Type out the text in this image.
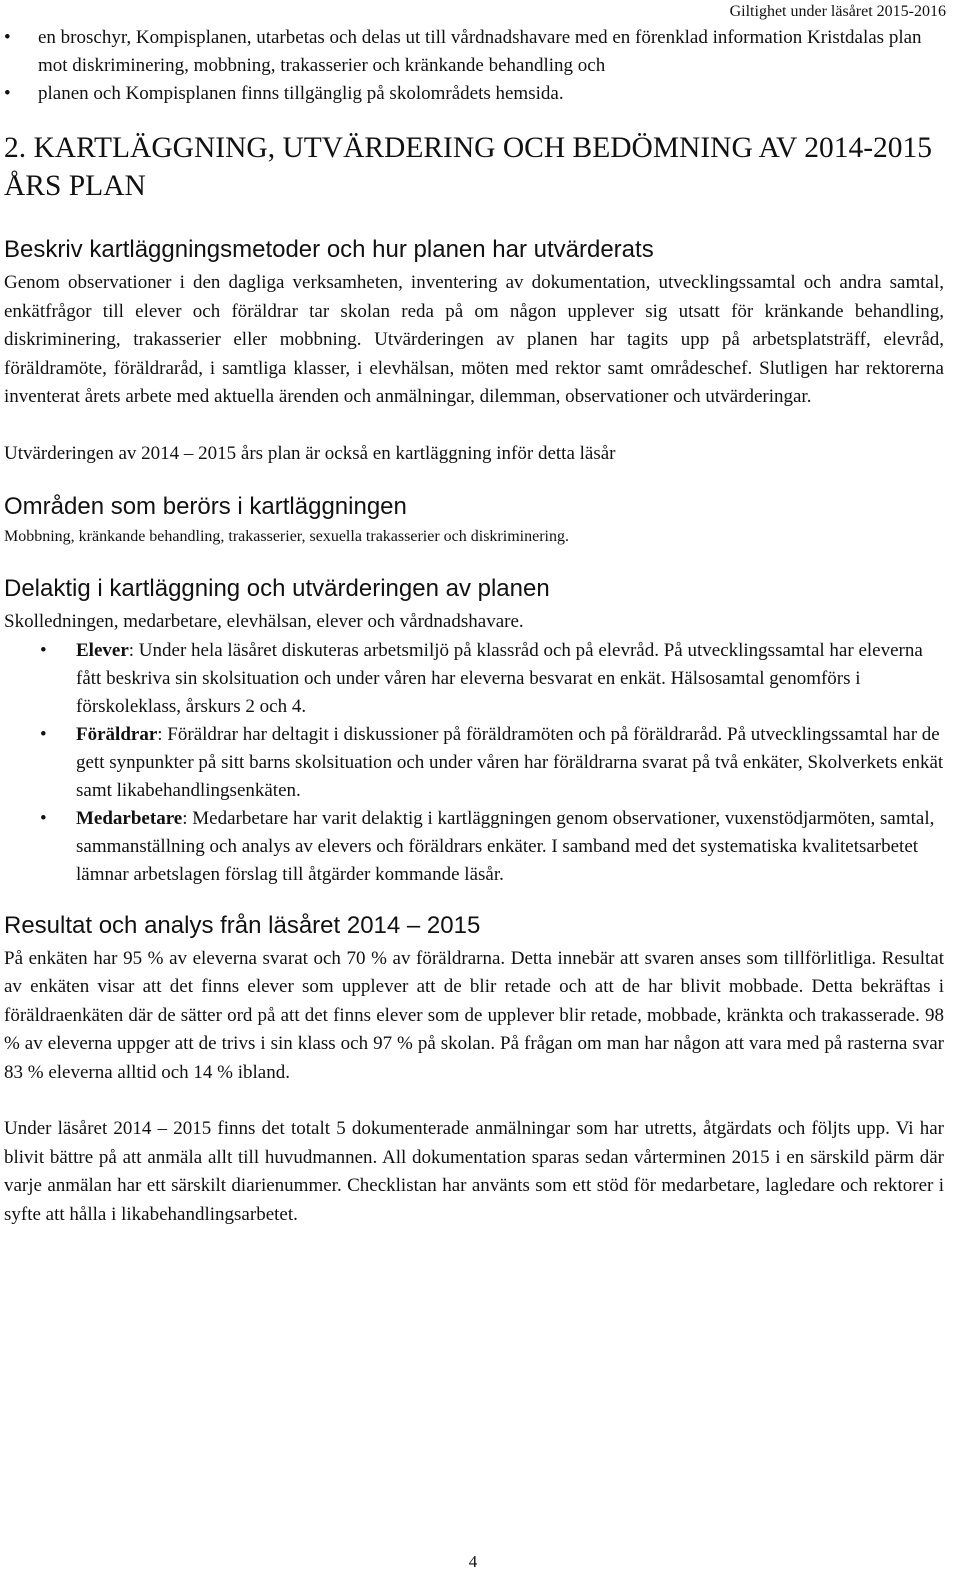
Giltighet under läsåret 2015-2016
•	en broschyr, Kompisplanen, utarbetas och delas ut till vårdnadshavare med en förenklad information Kristdalas plan mot diskriminering, mobbning, trakasserier och kränkande behandling och
•	planen och Kompisplanen finns tillgänglig på skolområdets hemsida.
2. KARTLÄGGNING, UTVÄRDERING OCH BEDÖMNING AV 2014-2015 ÅRS PLAN
Beskriv kartläggningsmetoder och hur planen har utvärderats

Genom observationer i den dagliga verksamheten, inventering av dokumentation, utvecklingssamtal och andra samtal, enkätfrågor till elever och föräldrar tar skolan reda på om någon upplever sig utsatt för kränkande behandling, diskriminering, trakasserier eller mobbning. Utvärderingen av planen har tagits upp på arbetsplatsträff, elevråd, föräldramöte, föräldraråd, i samtliga klasser, i elevhälsan, möten med rektor samt områdeschef. Slutligen har rektorerna inventerat årets arbete med aktuella ärenden och anmälningar, dilemman, observationer och utvärderingar.

Utvärderingen av 2014 – 2015 års plan är också en kartläggning inför detta läsår

Områden som berörs i kartläggningen

Mobbning, kränkande behandling, trakasserier, sexuella trakasserier och diskriminering.

Delaktig i kartläggning och utvärderingen av planen

Skolledningen, medarbetare, elevhälsan, elever och vårdnadshavare.

•	Elever: Under hela läsåret diskuteras arbetsmiljö på klassråd och på elevråd. På utvecklingssamtal har eleverna fått beskriva sin skolsituation och under våren har eleverna besvarat en enkät. Hälsosamtal genomförs i förskoleklass, årskurs 2 och 4.
•	Föräldrar: Föräldrar har deltagit i diskussioner på föräldramöten och på föräldraråd. På utvecklingssamtal har de gett synpunkter på sitt barns skolsituation och under våren har föräldrarna svarat på två enkäter, Skolverkets enkät samt likabehandlingsenkäten.
•	Medarbetare: Medarbetare har varit delaktig i kartläggningen genom observationer, vuxenstödjarmöten, samtal, sammanställning och analys av elevers och föräldrars enkäter. I samband med det systematiska kvalitetsarbetet lämnar arbetslagen förslag till åtgärder kommande läsår.
Resultat och analys från läsåret 2014 – 2015

På enkäten har 95 % av eleverna svarat och 70 % av föräldrarna. Detta innebär att svaren anses som tillförlitliga. Resultat av enkäten visar att det finns elever som upplever att de blir retade och att de har blivit mobbade. Detta bekräftas i föräldraenkäten där de sätter ord på att det finns elever som de upplever blir retade, mobbade, kränkta och trakasserade. 98 % av eleverna uppger att de trivs i sin klass och 97 % på skolan. På frågan om man har någon att vara med på rasterna svar 83 % eleverna alltid och 14 % ibland.

Under läsåret 2014 – 2015 finns det totalt 5 dokumenterade anmälningar som har utretts, åtgärdats och följts upp. Vi har blivit bättre på att anmäla allt till huvudmannen. All dokumentation sparas sedan vårterminen 2015 i en särskild pärm där varje anmälan har ett särskilt diarienummer. Checklistan har använts som ett stöd för medarbetare, lagledare och rektorer i syfte att hålla i likabehandlingsarbetet.

4
